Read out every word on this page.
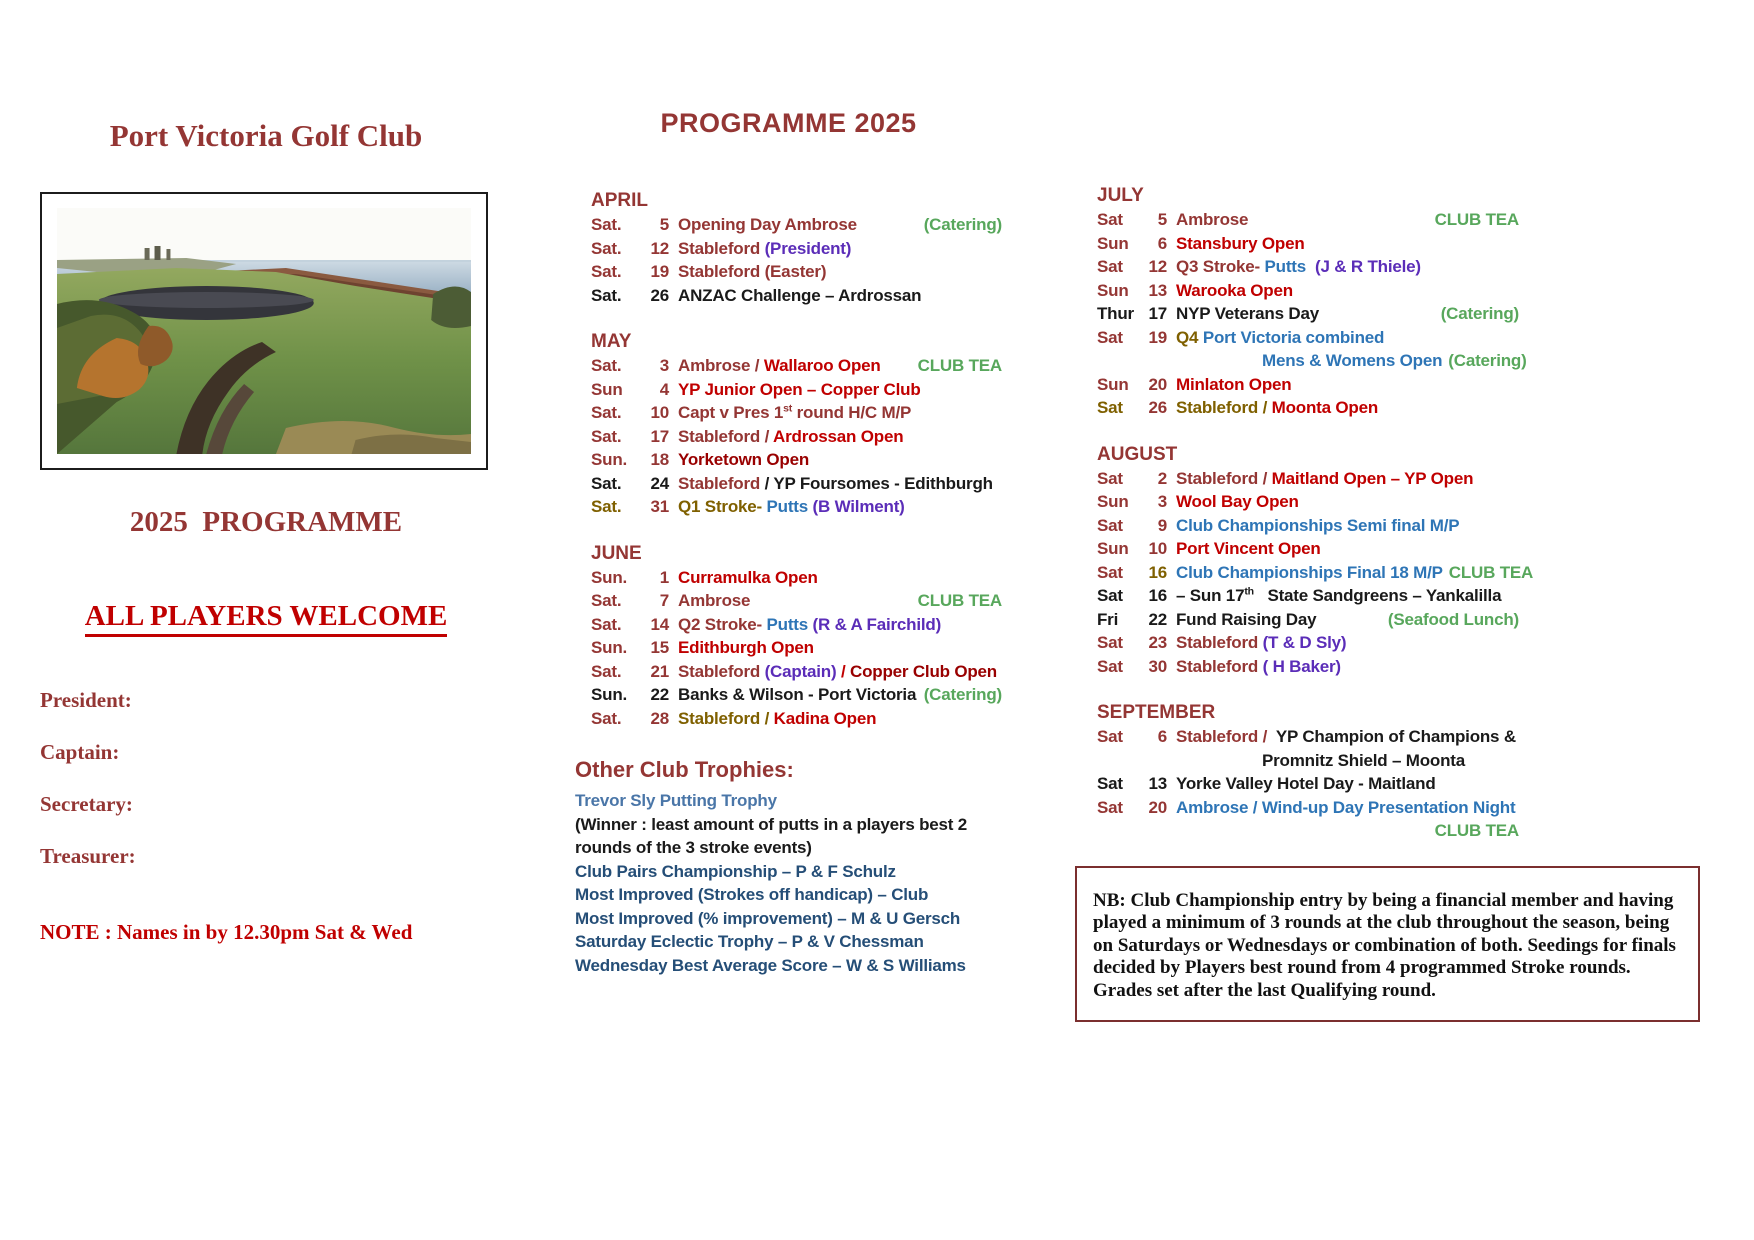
Port Victoria Golf Club
2025  PROGRAMME
ALL PLAYERS WELCOME
President:
Captain:
Secretary:
Treasurer:
NOTE : Names in by 12.30pm Sat & Wed
PROGRAMME 2025
APRIL
Sat.	5 Opening Day Ambrose	(Catering)
Sat.	12 Stableford (President)
Sat.	19 Stableford (Easter)
Sat.	26 ANZAC Challenge – Ardrossan
MAY
Sat.	3 Ambrose / Wallaroo Open	CLUB TEA
Sun	4 YP Junior Open – Copper Club
Sat.	10 Capt v Pres 1st round H/C M/P
Sat.	17 Stableford / Ardrossan Open
Sun.	18 Yorketown Open
Sat.	24 Stableford / YP Foursomes - Edithburgh
Sat.	31 Q1 Stroke- Putts (B Wilment)
JUNE
Sun.	1 Curramulka Open
Sat.	7 Ambrose	CLUB TEA
Sat.	14 Q2 Stroke- Putts (R & A Fairchild)
Sun.	15 Edithburgh Open
Sat.	21 Stableford (Captain) / Copper Club Open
Sun.	22 Banks & Wilson - Port Victoria (Catering)
Sat.	28 Stableford / Kadina Open
Other Club Trophies:
Trevor Sly Putting Trophy
(Winner : least amount of putts in a players best 2 rounds of the 3 stroke events)
Club Pairs Championship – P & F Schulz
Most Improved (Strokes off handicap) – Club
Most Improved (% improvement) – M & U Gersch
Saturday Eclectic Trophy – P & V Chessman
Wednesday Best Average Score – W & S Williams
JULY
Sat	5 Ambrose	CLUB TEA
Sun	6 Stansbury Open
Sat	12 Q3 Stroke- Putts  (J & R Thiele)
Sun	13 Warooka Open
Thur 17 NYP Veterans Day	(Catering)
Sat	19 Q4 Port Victoria combined
Mens & Womens Open (Catering)
Sun	20 Minlaton Open
Sat	26 Stableford / Moonta Open
AUGUST
Sat	2 Stableford / Maitland Open – YP Open
Sun	3 Wool Bay Open
Sat	9 Club Championships Semi final M/P
Sun	10 Port Vincent Open
Sat	16 Club Championships Final 18 M/P CLUB TEA
Sat	16 – Sun 17th   State Sandgreens – Yankalilla
Fri	22 Fund Raising Day	(Seafood Lunch)
Sat	23 Stableford (T & D Sly)
Sat	30 Stableford ( H Baker)
SEPTEMBER
Sat	6 Stableford /  YP Champion of Champions &
Promnitz Shield – Moonta
Sat	13 Yorke Valley Hotel Day - Maitland
Sat	20 Ambrose / Wind-up Day Presentation Night
CLUB TEA
NB: Club Championship entry by being a financial member and having played a minimum of 3 rounds at the club throughout the season, being on Saturdays or Wednesdays or combination of both. Seedings for finals decided by Players best round from 4 programmed Stroke rounds.  Grades set after the last Qualifying round.
